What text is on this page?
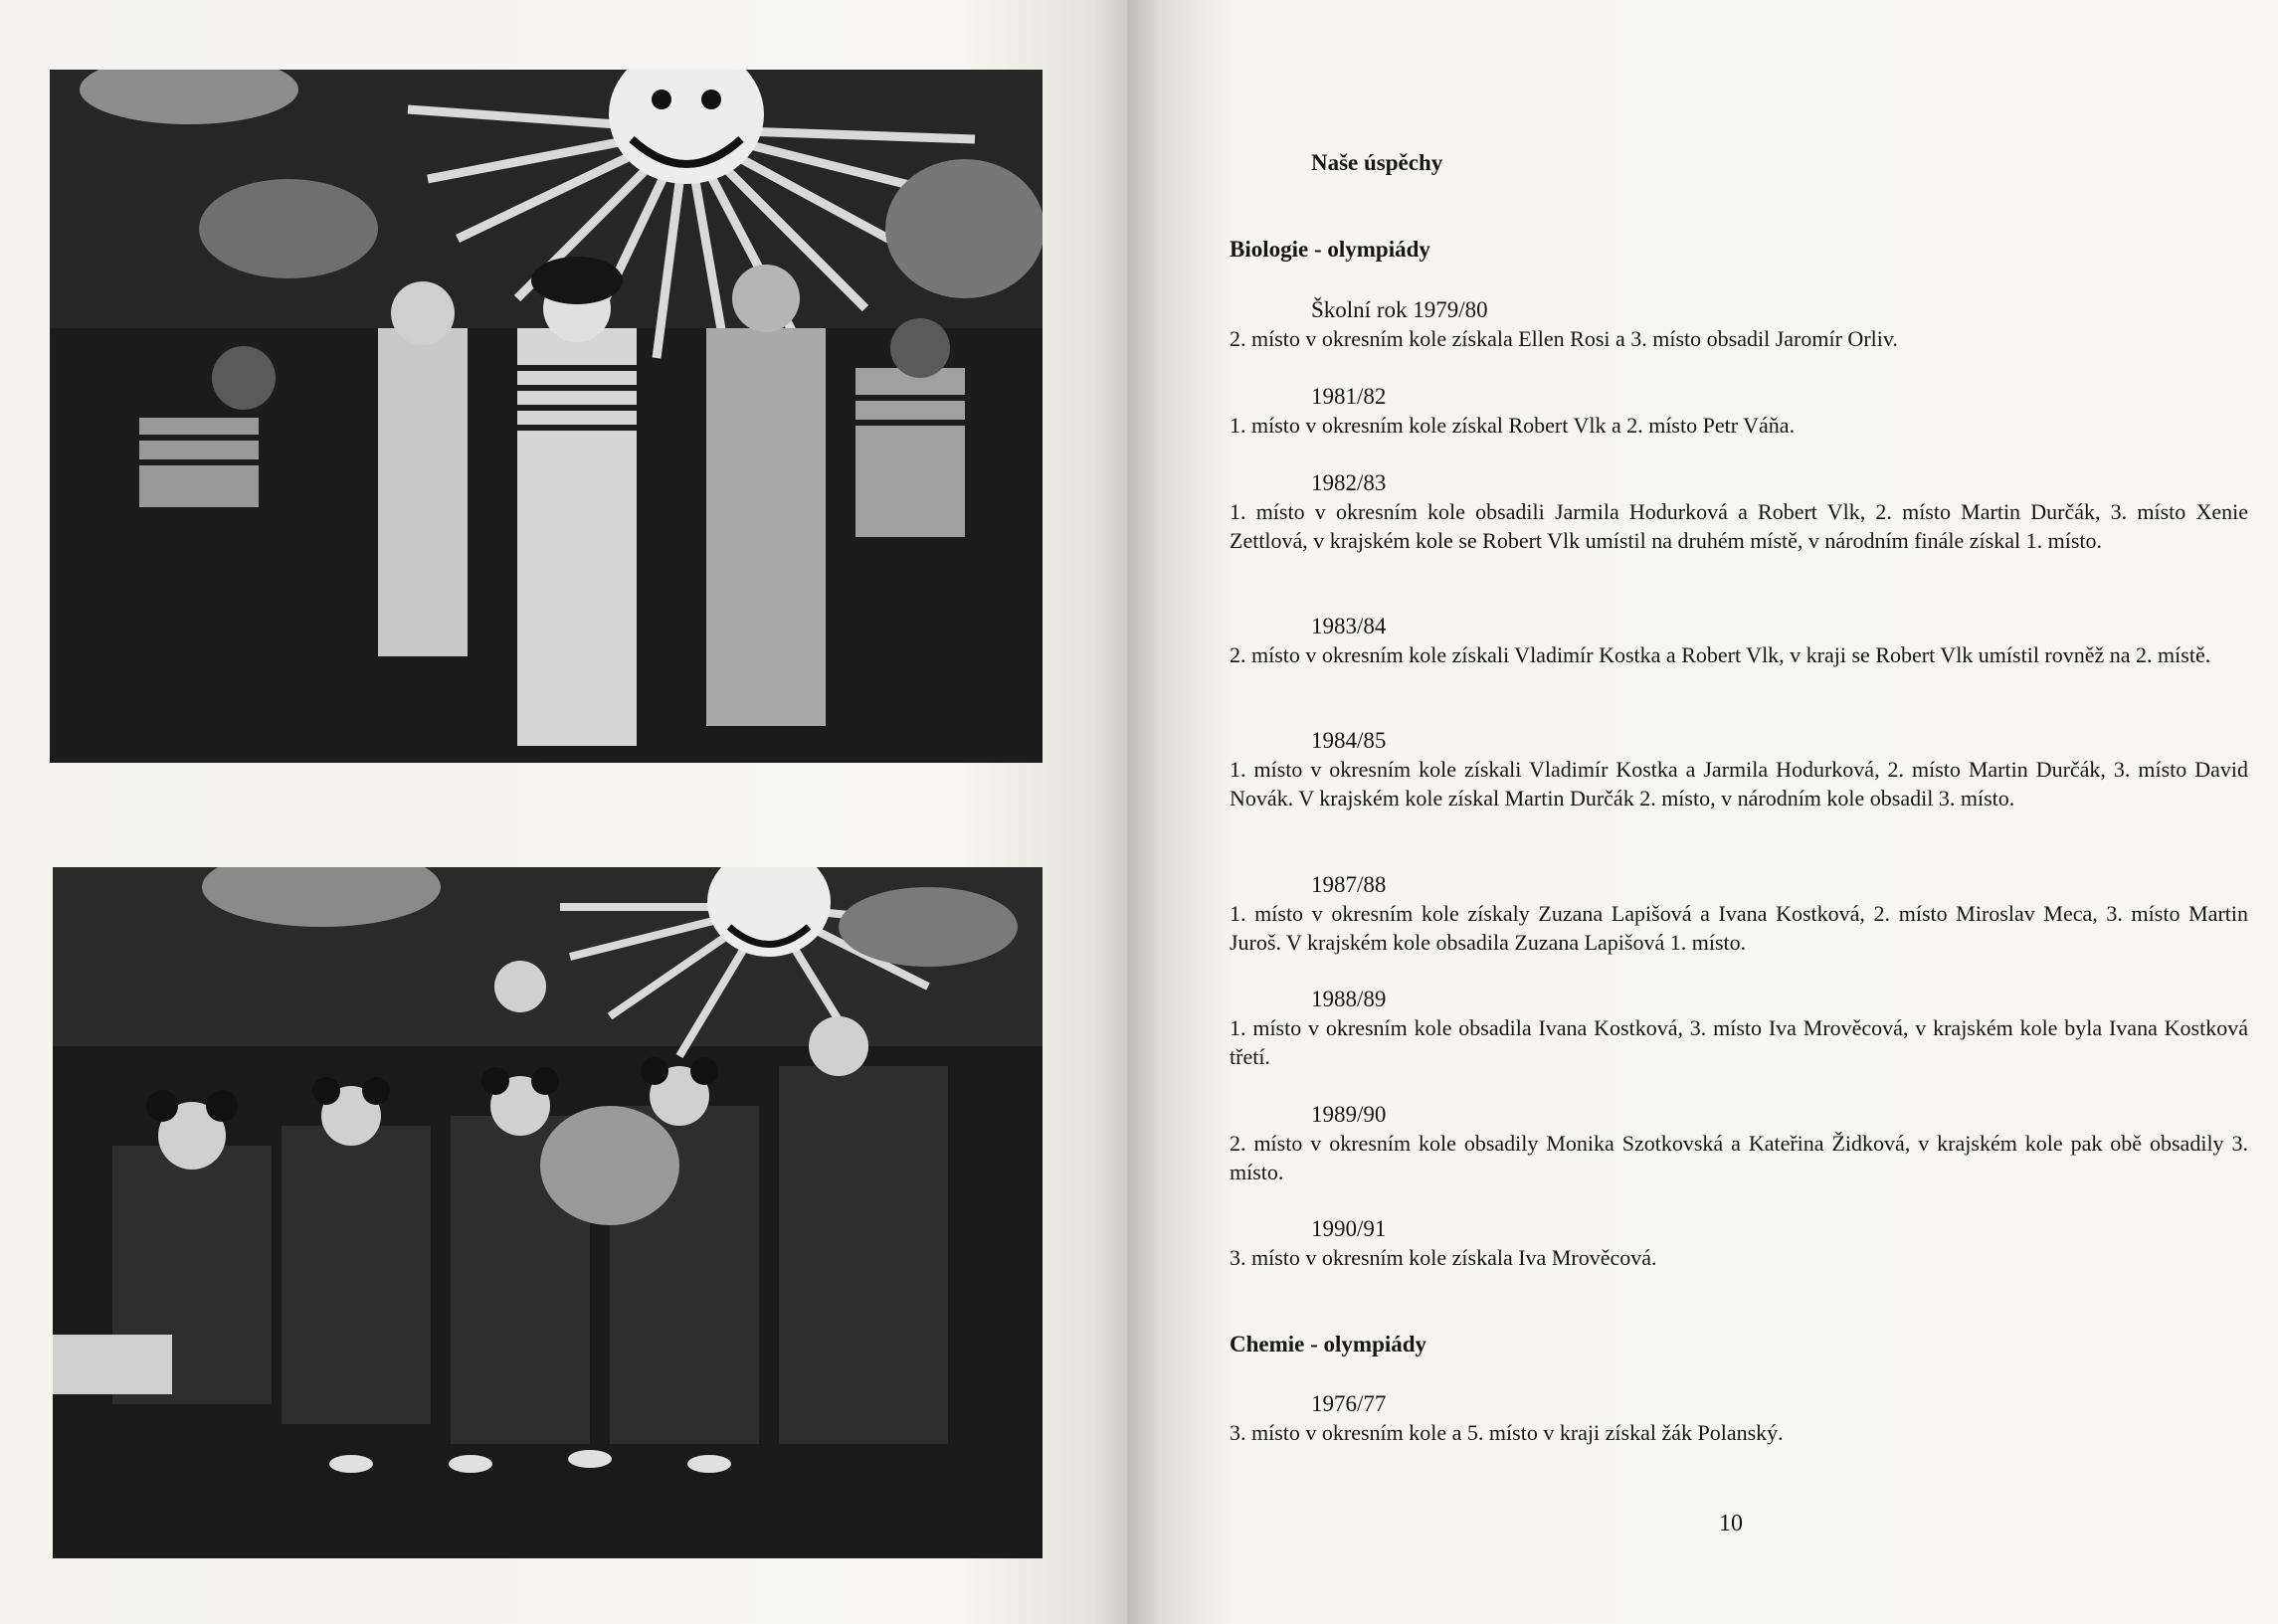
Naše úspěchy
Biologie - olympiády
Školní rok 1979/80
2. místo v okresním kole získala Ellen Rosi a 3. místo obsadil Jaromír Orliv.
1981/82
1. místo v okresním kole získal Robert Vlk a 2. místo Petr Váňa.
1982/83
1. místo v okresním kole obsadili Jarmila Hodurková a Robert Vlk, 2. místo Martin Durčák, 3. místo Xenie Zettlová, v krajském kole se Robert Vlk umístil na druhém místě, v národním finále získal 1. místo.
1983/84
2. místo v okresním kole získali Vladimír Kostka a Robert Vlk, v kraji se Robert Vlk umístil rovněž na 2. místě.
1984/85
1. místo v okresním kole získali Vladimír Kostka a Jarmila Hodurková, 2. místo Martin Durčák, 3. místo David Novák. V krajském kole získal Martin Durčák 2. místo, v národním kole obsadil 3. místo.
1987/88
1. místo v okresním kole získaly Zuzana Lapišová a Ivana Kostková, 2. místo Miroslav Meca, 3. místo Martin Juroš. V krajském kole obsadila Zuzana Lapišová 1. místo.
1988/89
1. místo v okresním kole obsadila Ivana Kostková, 3. místo Iva Mrověcová, v krajském kole byla Ivana Kostková třetí.
1989/90
2. místo v okresním kole obsadily Monika Szotkovská a Kateřina Židková, v krajském kole pak obě obsadily 3. místo.
1990/91
3. místo v okresním kole získala Iva Mrověcová.
Chemie - olympiády
1976/77
3. místo v okresním kole a 5. místo v kraji získal žák Polanský.
10
